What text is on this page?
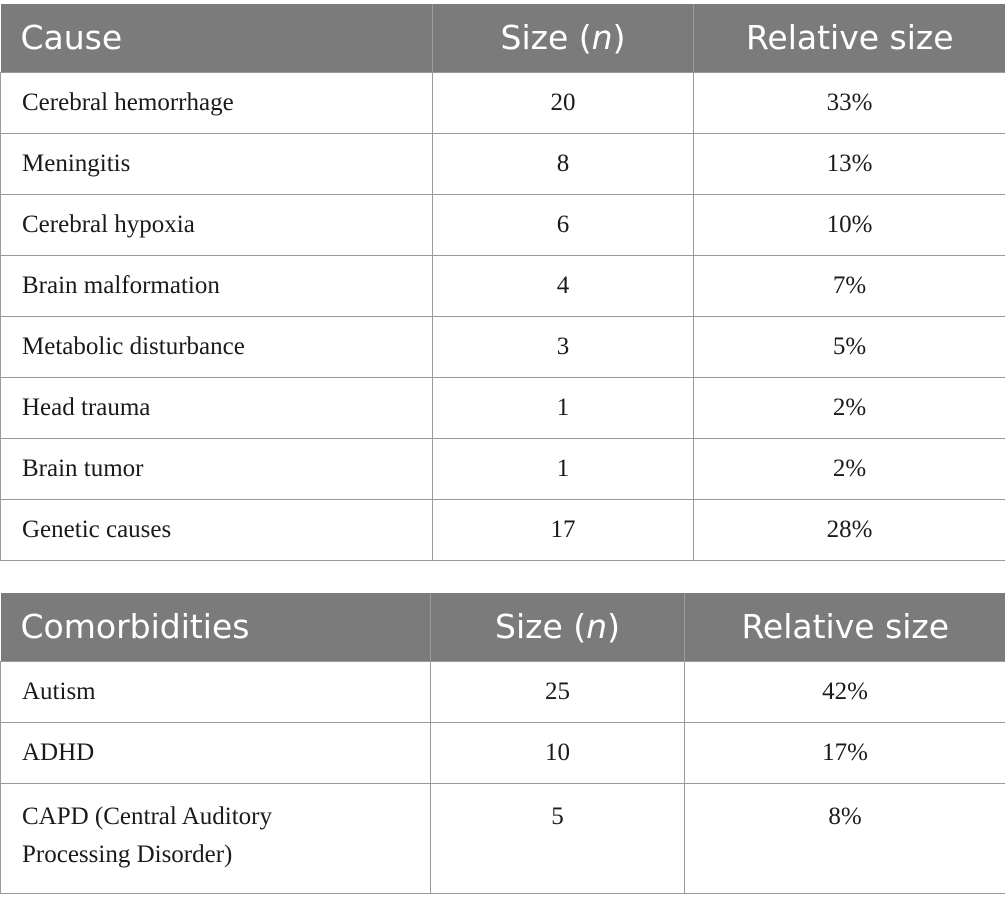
Cause	Size (n)	Relative size
Cerebral hemorrhage	20	33%
Meningitis	8	13%
Cerebral hypoxia	6	10%
Brain malformation	4	7%
Metabolic disturbance	3	5%
Head trauma	1	2%
Brain tumor	1	2%
Genetic causes	17	28%
Comorbidities	Size (n)	Relative size
Autism	25	42%
ADHD	10	17%
CAPD (Central Auditory
Processing Disorder)	5	8%
